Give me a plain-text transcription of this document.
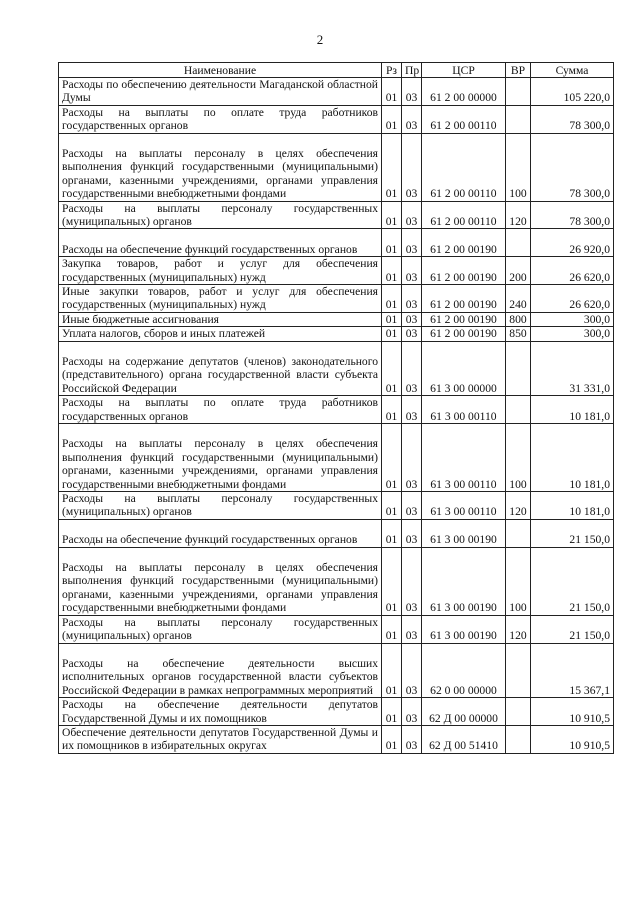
2
Наименование	Рз	Пр	ЦСР	ВР	Сумма
Расходы по обеспечению деятельности Магаданской областной Думы	01	03	61 2 00 00000		105 220,0
Расходы на выплаты по оплате труда работников государственных органов	01	03	61 2 00 00110		78 300,0
Расходы на выплаты персоналу в целях обеспечения выполнения функций государственными (муниципальными) органами, казенными учреждениями, органами управления государственными внебюджетными фондами	01	03	61 2 00 00110	100	78 300,0
Расходы на выплаты персоналу государственных (муниципальных) органов	01	03	61 2 00 00110	120	78 300,0
Расходы на обеспечение функций государственных органов	01	03	61 2 00 00190		26 920,0
Закупка товаров, работ и услуг для обеспечения государственных (муниципальных) нужд	01	03	61 2 00 00190	200	26 620,0
Иные закупки товаров, работ и услуг для обеспечения государственных (муниципальных) нужд	01	03	61 2 00 00190	240	26 620,0
Иные бюджетные ассигнования	01	03	61 2 00 00190	800	300,0
Уплата налогов, сборов и иных платежей	01	03	61 2 00 00190	850	300,0
Расходы на содержание депутатов (членов) законодательного (представительного) органа государственной власти субъекта Российской Федерации	01	03	61 3 00 00000		31 331,0
Расходы на выплаты по оплате труда работников государственных органов	01	03	61 3 00 00110		10 181,0
Расходы на выплаты персоналу в целях обеспечения выполнения функций государственными (муниципальными) органами, казенными учреждениями, органами управления государственными внебюджетными фондами	01	03	61 3 00 00110	100	10 181,0
Расходы на выплаты персоналу государственных (муниципальных) органов	01	03	61 3 00 00110	120	10 181,0
Расходы на обеспечение функций государственных органов	01	03	61 3 00 00190		21 150,0
Расходы на выплаты персоналу в целях обеспечения выполнения функций государственными (муниципальными) органами, казенными учреждениями, органами управления государственными внебюджетными фондами	01	03	61 3 00 00190	100	21 150,0
Расходы на выплаты персоналу государственных (муниципальных) органов	01	03	61 3 00 00190	120	21 150,0
Расходы на обеспечение деятельности высших исполнительных органов государственной власти субъектов Российской Федерации в рамках непрограммных мероприятий	01	03	62 0 00 00000		15 367,1
Расходы на обеспечение деятельности депутатов Государственной Думы и их помощников	01	03	62 Д 00 00000		10 910,5
Обеспечение деятельности депутатов Государственной Думы и их помощников в избирательных округах	01	03	62 Д 00 51410		10 910,5
